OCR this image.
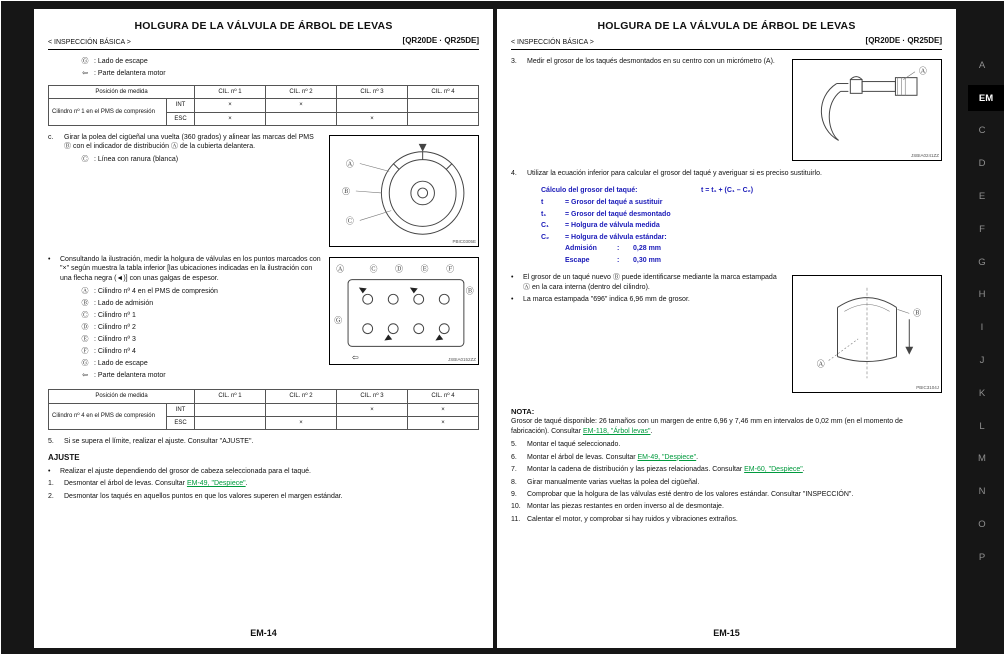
HOLGURA DE LA VÁLVULA DE ÁRBOL DE LEVAS
< INSPECCIÓN BÁSICA >	[QR20DE · QR25DE]
Ⓖ : Lado de escape
⇦ : Parte delantera motor
Posición de medida		CIL. nº 1	CIL. nº 2	CIL. nº 3	CIL. nº 4
Cilindro nº 1 en el PMS de compresión	INT	×	×		
	ESC	×		×	
Ⓐ
Ⓑ
Ⓒ
PBIC0305E
c.	Girar la polea del cigüeñal una vuelta (360 grados) y alinear las marcas del PMS Ⓑ con el indicador de distribución Ⓐ de la cubierta delantera.
Ⓒ : Línea con ranura (blanca)
Ⓐ	Ⓒ Ⓓ Ⓔ Ⓕ
Ⓑ
Ⓖ
⇦	JSBIA0152ZZ
•	Consultando la ilustración, medir la holgura de válvulas en los puntos marcados con "×" según muestra la tabla inferior [las ubicaciones indicadas en la ilustración con una flecha negra (◄)] con unas galgas de espesor.
Ⓐ : Cilindro nº 4 en el PMS de compresión
Ⓑ : Lado de admisión
Ⓒ : Cilindro nº 1
Ⓓ : Cilindro nº 2
Ⓔ : Cilindro nº 3
Ⓕ : Cilindro nº 4
Ⓖ : Lado de escape
⇦ : Parte delantera motor
Posición de medida		CIL. nº 1	CIL. nº 2	CIL. nº 3	CIL. nº 4
Cilindro nº 4 en el PMS de compresión	INT			×	×
	ESC		×		×
5.	Si se supera el límite, realizar el ajuste. Consultar "AJUSTE".
AJUSTE
•	Realizar el ajuste dependiendo del grosor de cabeza seleccionada para el taqué.
1.	Desmontar el árbol de levas. Consultar EM-49, "Despiece".
2.	Desmontar los taqués en aquellos puntos en que los valores superen el margen estándar.
EM-14
HOLGURA DE LA VÁLVULA DE ÁRBOL DE LEVAS
< INSPECCIÓN BÁSICA >	[QR20DE · QR25DE]
Ⓐ
JSBIA0241ZZ
3.	Medir el grosor de los taqués desmontados en su centro con un micrómetro (A).
4.	Utilizar la ecuación inferior para calcular el grosor del taqué y averiguar si es preciso sustituirlo.
Cálculo del grosor del taqué:	t = t₁ + (C₁ – C₂)
t	= Grosor del taqué a sustituir
t₁	= Grosor del taqué desmontado
C₁	= Holgura de válvula medida
C₂	= Holgura de válvula estándar:
Admisión	:	0,28 mm
Escape	:	0,30 mm
Ⓐ
Ⓑ
PBIC3104J
•	El grosor de un taqué nuevo Ⓑ puede identificarse mediante la marca estampada Ⓐ en la cara interna (dentro del cilindro).
•	La marca estampada "696" indica 6,96 mm de grosor.
NOTA:
Grosor de taqué disponible: 26 tamaños con un margen de entre 6,96 y 7,46 mm en intervalos de 0,02 mm (en el momento de fabricación). Consultar EM-118, "Árbol levas".
5.	Montar el taqué seleccionado.
6.	Montar el árbol de levas. Consultar EM-49, "Despiece".
7.	Montar la cadena de distribución y las piezas relacionadas. Consultar EM-60, "Despiece".
8.	Girar manualmente varias vueltas la polea del cigüeñal.
9.	Comprobar que la holgura de las válvulas esté dentro de los valores estándar. Consultar "INSPECCIÓN".
10. Montar las piezas restantes en orden inverso al de desmontaje.
11. Calentar el motor, y comprobar si hay ruidos y vibraciones extraños.
EM-15
A
EM
C
D
E
F
G
H
I
J
K
L
M
N
O
P
